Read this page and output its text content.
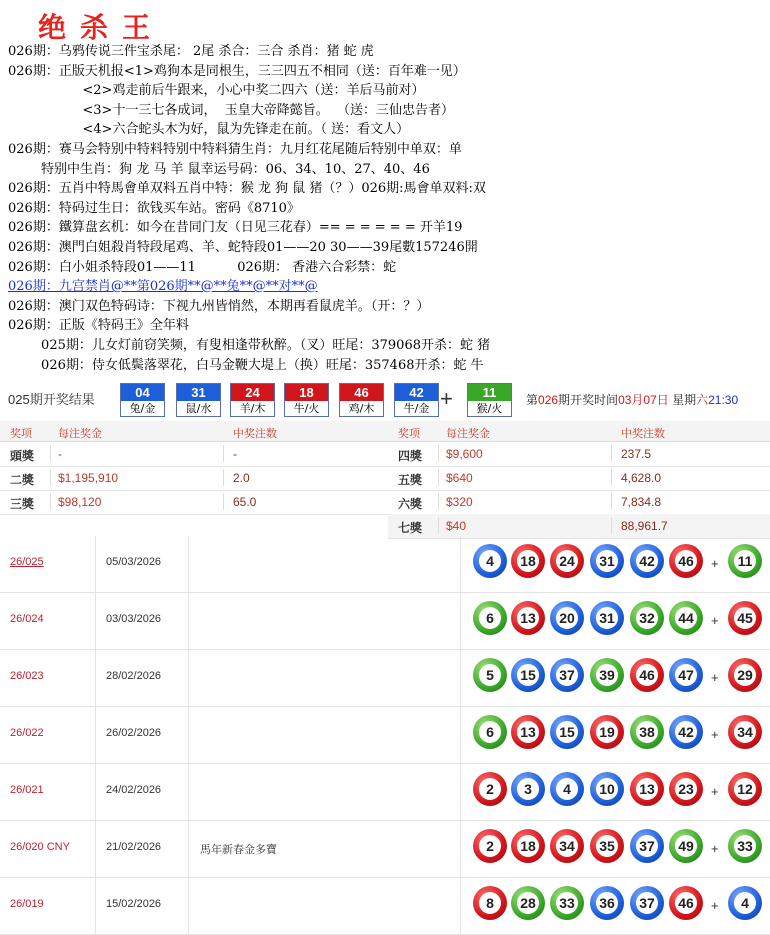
绝杀王
026期：乌鸦传说三件宝杀尾： 2尾 杀合：三合 杀肖：猪 蛇 虎
026期：正版天机报<1>鸡狗本是同根生，三三四五不相同（送：百年难一见）
<2>鸡走前后牛跟来，小心中奖二四六（送：羊后马前对）
<3>十一三七各成词，  玉皇大帝降懿旨。  （送：三仙忠告者）
<4>六合蛇头木为好，鼠为先锋走在前。（ 送：看文人）
026期：赛马会特别中特料特别中特料猜生肖：九月红花尾随后特别中单双：单
特别中生肖：狗 龙 马 羊 鼠幸运号码：06、34、10、27、40、46
026期：五肖中特馬會单双料五肖中特：猴 龙 狗 鼠 猪（？）026期:馬會单双料:双
026期：特码过生日：欲钱买车站。密码《8710》
026期：鐵算盘玄机：如今在昔同门友（日见三花春）== = = = = = 开羊19
026期：澳門白姐殺肖特段尾鸡、羊、蛇特段01——20 30——39尾數157246開
026期：白小姐杀特段01——11          026期： 香港六合彩禁：蛇
026期：九宫禁肖@**第026期**@**兔**@**对**@
026期：澳门双色特码诗：下视九州皆悄然，本期再看鼠虎羊。（开：？）
026期：正版《特码王》全年料
025期：儿女灯前窃笑频，有叟相逢带秋醉。（叉）旺尾：379068开杀：蛇 猪
026期：侍女低鬓落翠花，白马金鞭大堤上（换）旺尾：357468开杀：蛇 牛
025期开奖结果	04
兔/金
31
鼠/水
24
羊/木
18
牛/火
46
鸡/木
42
牛/金
11
猴/火
+	第026期开奖时间03月07日 星期六21:30
奖项 每注奖金	中奖注数	奖项 每注奖金	中奖注数
頭獎 -	-
二獎 $1,195,910	2.0
三獎 $98,120	65.0
四獎 $9,600	237.5
五獎 $640	4,628.0
六獎 $320	7,834.8
七獎 $40	88,961.7
26/025	05/03/2026	4	18 24 31 42 46 + 11
26/024	03/03/2026	6	13 20 31 32 44 + 45
26/023	28/02/2026	5	15 37 39 46 47 + 29
26/022	26/02/2026	6	13 15 19 38 42 + 34
26/021	24/02/2026	2	3	4	10 13 23 + 12
26/020 CNY	21/02/2026	馬年新春金多寶	2	18 34 35 37 49 + 33
26/019	15/02/2026	8	28 33 36 37 46 +	4
